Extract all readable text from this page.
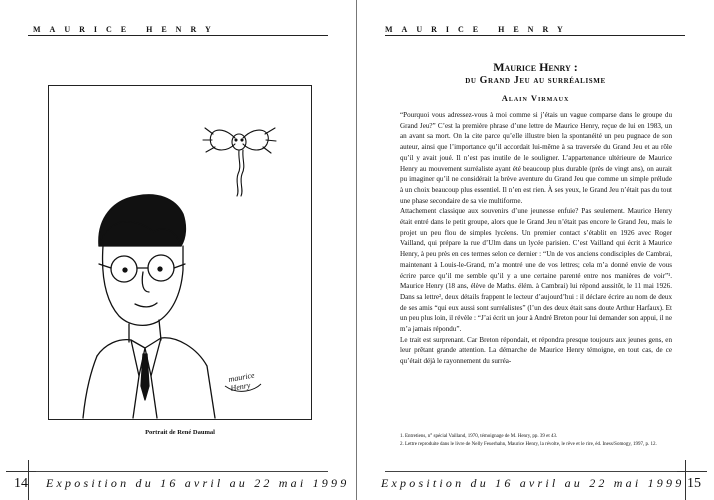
MAURICE HENRY
maurice
Henry
Portrait de René Daumal
14 Exposition du 16 avril au 22 mai 1999
MAURICE HENRY
Maurice Henry :
du Grand Jeu au surréalisme
Alain Virmaux

“Pourquoi vous adressez-vous à moi comme si j’étais un vague comparse dans le groupe du Grand Jeu?” C’est la première phrase d’une lettre de Maurice Henry, reçue de lui en 1983, un an avant sa mort. On la cite parce qu’elle illustre bien la spontanéité un peu pugnace de son auteur, ainsi que l’importance qu’il accordait lui-même à sa traversée du Grand Jeu et au rôle qu’il y avait joué. Il n’est pas inutile de le souligner. L’appartenance ultérieure de Maurice Henry au mouvement surréaliste ayant été beaucoup plus durable (près de vingt ans), on aurait pu imaginer qu’il ne considérait la brève aventure du Grand Jeu que comme un simple prélude à un choix beaucoup plus essentiel. Il n’en est rien. À ses yeux, le Grand Jeu n’était pas du tout une phase secondaire de sa vie multiforme.

Attachement classique aux souvenirs d’une jeunesse enfuie? Pas seulement. Maurice Henry était entré dans le petit groupe, alors que le Grand Jeu n’était pas encore le Grand Jeu, mais le projet un peu flou de simples lycéens. Un premier contact s’établit en 1926 avec Roger Vailland, qui prépare la rue d’Ulm dans un lycée parisien. C’est Vailland qui écrit à Maurice Henry, à peu près en ces termes selon ce dernier : “Un de vos anciens condisciples de Cambrai, maintenant à Louis-le-Grand, m’a montré une de vos lettres; cela m’a donné envie de vous écrire parce qu’il me semble qu’il y a une certaine parenté entre nos manières de voir”¹. Maurice Henry (18 ans, élève de Maths. élém. à Cambrai) lui répond aussitôt, le 11 mai 1926. Dans sa lettre², deux détails frappent le lecteur d’aujourd’hui : il déclare écrire au nom de deux de ses amis “qui eux aussi sont surréalistes” (l’un des deux était sans doute Arthur Harfaux). Et un peu plus loin, il révèle : “J’ai écrit un jour à André Breton pour lui demander son appui, il ne m’a jamais répondu”.

Le trait est surprenant. Car Breton répondait, et répondra presque toujours aux jeunes gens, en leur prêtant grande attention. La démarche de Maurice Henry témoigne, en tout cas, de ce qu’était déjà le rayonnement du surréa-

1. Entretiens, n° spécial Vailland, 1970, témoignage de M. Henry, pp. 39 et 43.

2. Lettre reproduite dans le livre de Nelly Feuerhahn, Maurice Henry, la révolte, le rêve et le rire, éd. Iness/Somogy, 1997, p. 12.

Exposition du 16 avril au 22 mai 1999 15
